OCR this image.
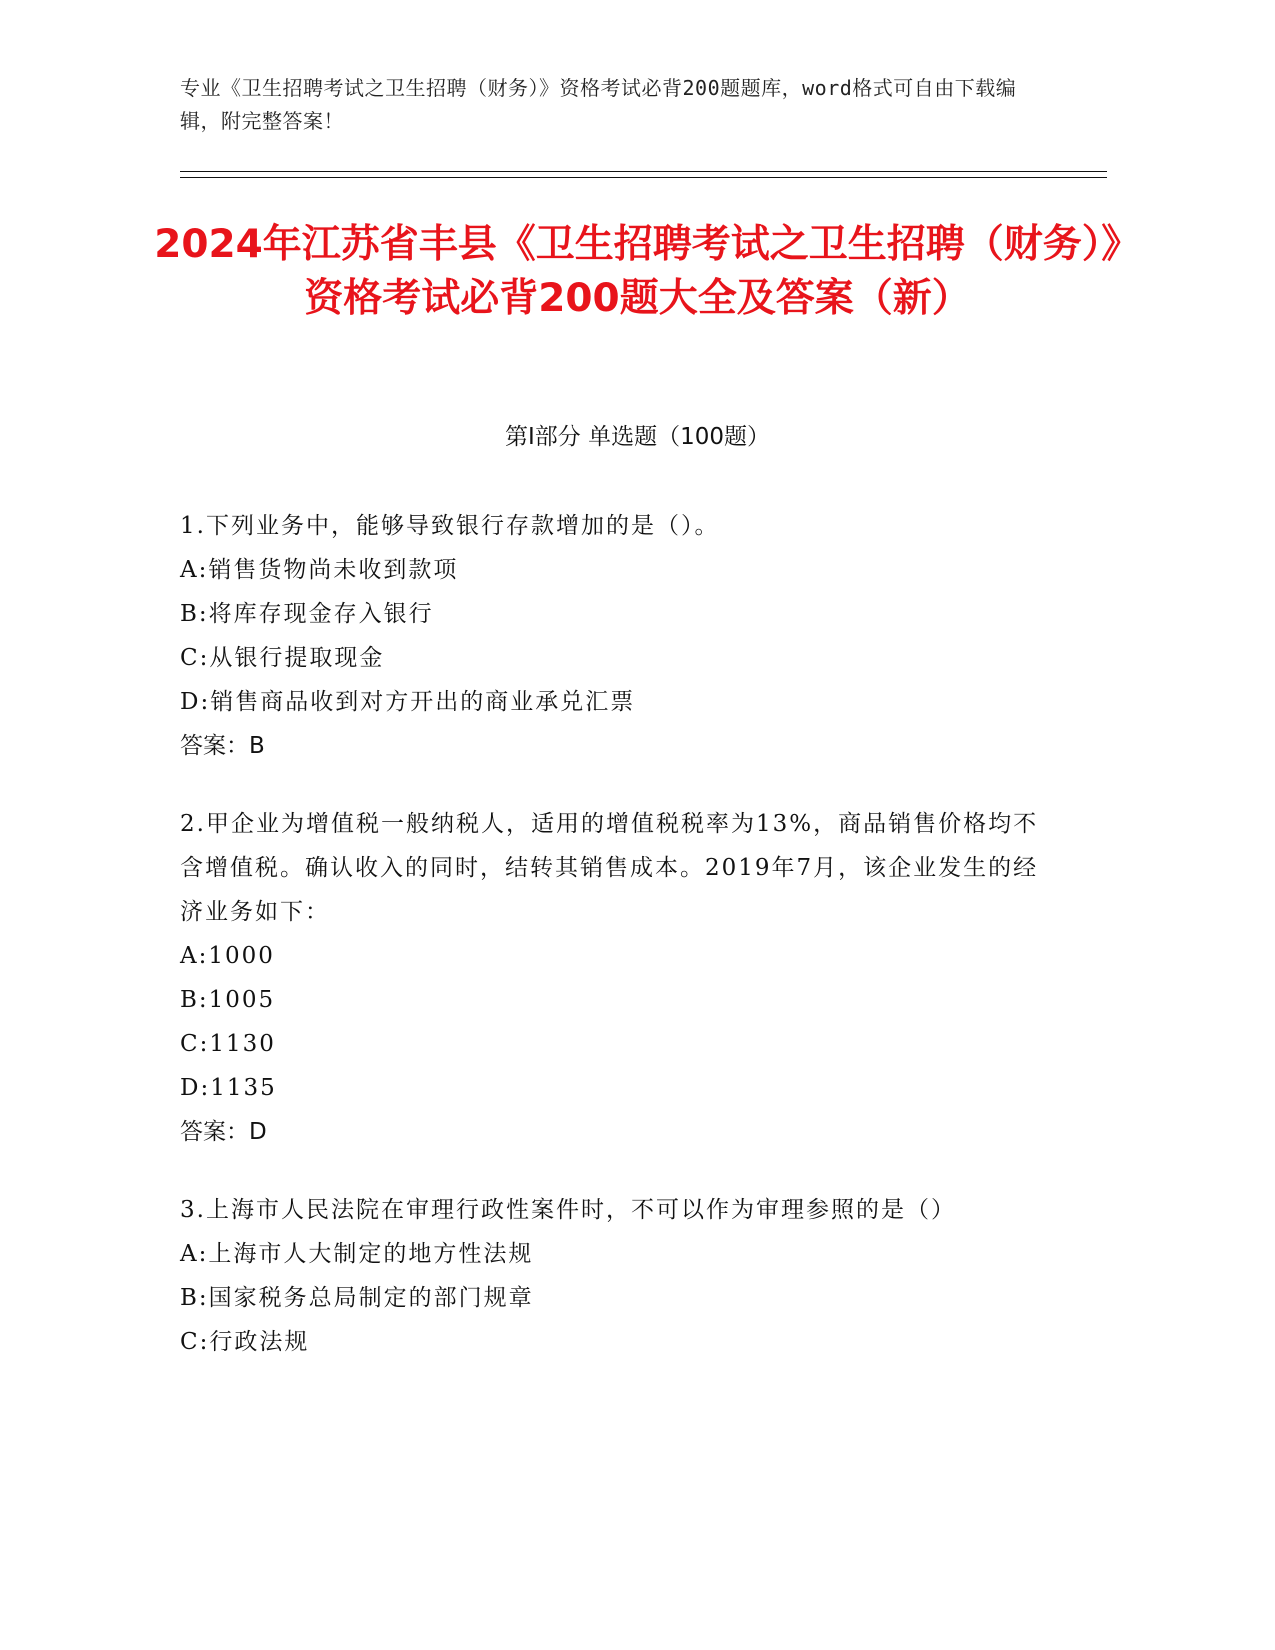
专业《卫生招聘考试之卫生招聘（财务）》资格考试必背200题题库，word格式可自由下载编辑，附完整答案！
2024年江苏省丰县《卫生招聘考试之卫生招聘（财务）》资格考试必背200题大全及答案（新）
第I部分 单选题（100题）
1.下列业务中，能够导致银行存款增加的是（）。
A:销售货物尚未收到款项
B:将库存现金存入银行
C:从银行提取现金
D:销售商品收到对方开出的商业承兑汇票
答案：B
2.甲企业为增值税一般纳税人，适用的增值税税率为13%，商品销售价格均不含增值税。确认收入的同时，结转其销售成本。2019年7月，该企业发生的经济业务如下：
A:1000
B:1005
C:1130
D:1135
答案：D
3.上海市人民法院在审理行政性案件时，不可以作为审理参照的是（）
A:上海市人大制定的地方性法规
B:国家税务总局制定的部门规章
C:行政法规
